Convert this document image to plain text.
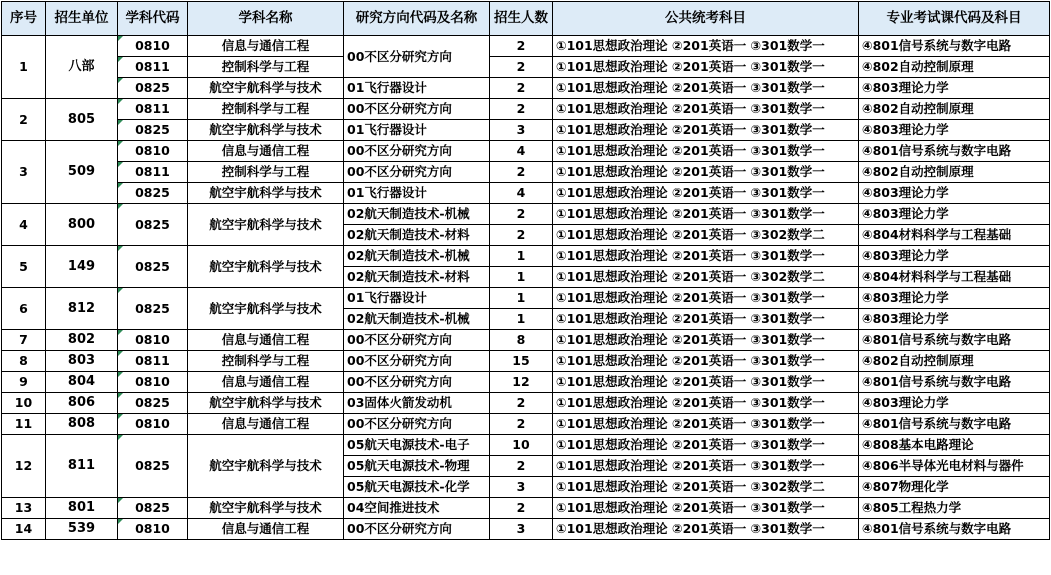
序号	招生单位	学科代码	学科名称	研究方向代码及名称	招生人数	公共统考科目	专业考试课代码及科目
1	八部	0810	信息与通信工程	00不区分研究方向	2	①101思想政治理论 ②201英语一 ③301数学一	④801信号系统与数字电路
		0811	控制科学与工程		2	①101思想政治理论 ②201英语一 ③301数学一	④802自动控制原理
		0825	航空宇航科学与技术	01飞行器设计	2	①101思想政治理论 ②201英语一 ③301数学一	④803理论力学
2	805	0811	控制科学与工程	00不区分研究方向	2	①101思想政治理论 ②201英语一 ③301数学一	④802自动控制原理
		0825	航空宇航科学与技术	01飞行器设计	3	①101思想政治理论 ②201英语一 ③301数学一	④803理论力学
3	509	0810	信息与通信工程	00不区分研究方向	4	①101思想政治理论 ②201英语一 ③301数学一	④801信号系统与数字电路
		0811	控制科学与工程	00不区分研究方向	2	①101思想政治理论 ②201英语一 ③301数学一	④802自动控制原理
		0825	航空宇航科学与技术	01飞行器设计	4	①101思想政治理论 ②201英语一 ③301数学一	④803理论力学
4	800	0825	航空宇航科学与技术	02航天制造技术-机械	2	①101思想政治理论 ②201英语一 ③301数学一	④803理论力学
				02航天制造技术-材料	2	①101思想政治理论 ②201英语一 ③302数学二	④804材料科学与工程基础
5	149	0825	航空宇航科学与技术	02航天制造技术-机械	1	①101思想政治理论 ②201英语一 ③301数学一	④803理论力学
				02航天制造技术-材料	1	①101思想政治理论 ②201英语一 ③302数学二	④804材料科学与工程基础
6	812	0825	航空宇航科学与技术	01飞行器设计	1	①101思想政治理论 ②201英语一 ③301数学一	④803理论力学
				02航天制造技术-机械	1	①101思想政治理论 ②201英语一 ③301数学一	④803理论力学
7	802	0810	信息与通信工程	00不区分研究方向	8	①101思想政治理论 ②201英语一 ③301数学一	④801信号系统与数字电路
8	803	0811	控制科学与工程	00不区分研究方向	15	①101思想政治理论 ②201英语一 ③301数学一	④802自动控制原理
9	804	0810	信息与通信工程	00不区分研究方向	12	①101思想政治理论 ②201英语一 ③301数学一	④801信号系统与数字电路
10	806	0825	航空宇航科学与技术	03固体火箭发动机	2	①101思想政治理论 ②201英语一 ③301数学一	④803理论力学
11	808	0810	信息与通信工程	00不区分研究方向	2	①101思想政治理论 ②201英语一 ③301数学一	④801信号系统与数字电路
12	811	0825	航空宇航科学与技术	05航天电源技术-电子	10	①101思想政治理论 ②201英语一 ③301数学一	④808基本电路理论
				05航天电源技术-物理	2	①101思想政治理论 ②201英语一 ③301数学一	④806半导体光电材料与器件
				05航天电源技术-化学	3	①101思想政治理论 ②201英语一 ③302数学二	④807物理化学
13	801	0825	航空宇航科学与技术	04空间推进技术	2	①101思想政治理论 ②201英语一 ③301数学一	④805工程热力学
14	539	0810	信息与通信工程	00不区分研究方向	3	①101思想政治理论 ②201英语一 ③301数学一	④801信号系统与数字电路
